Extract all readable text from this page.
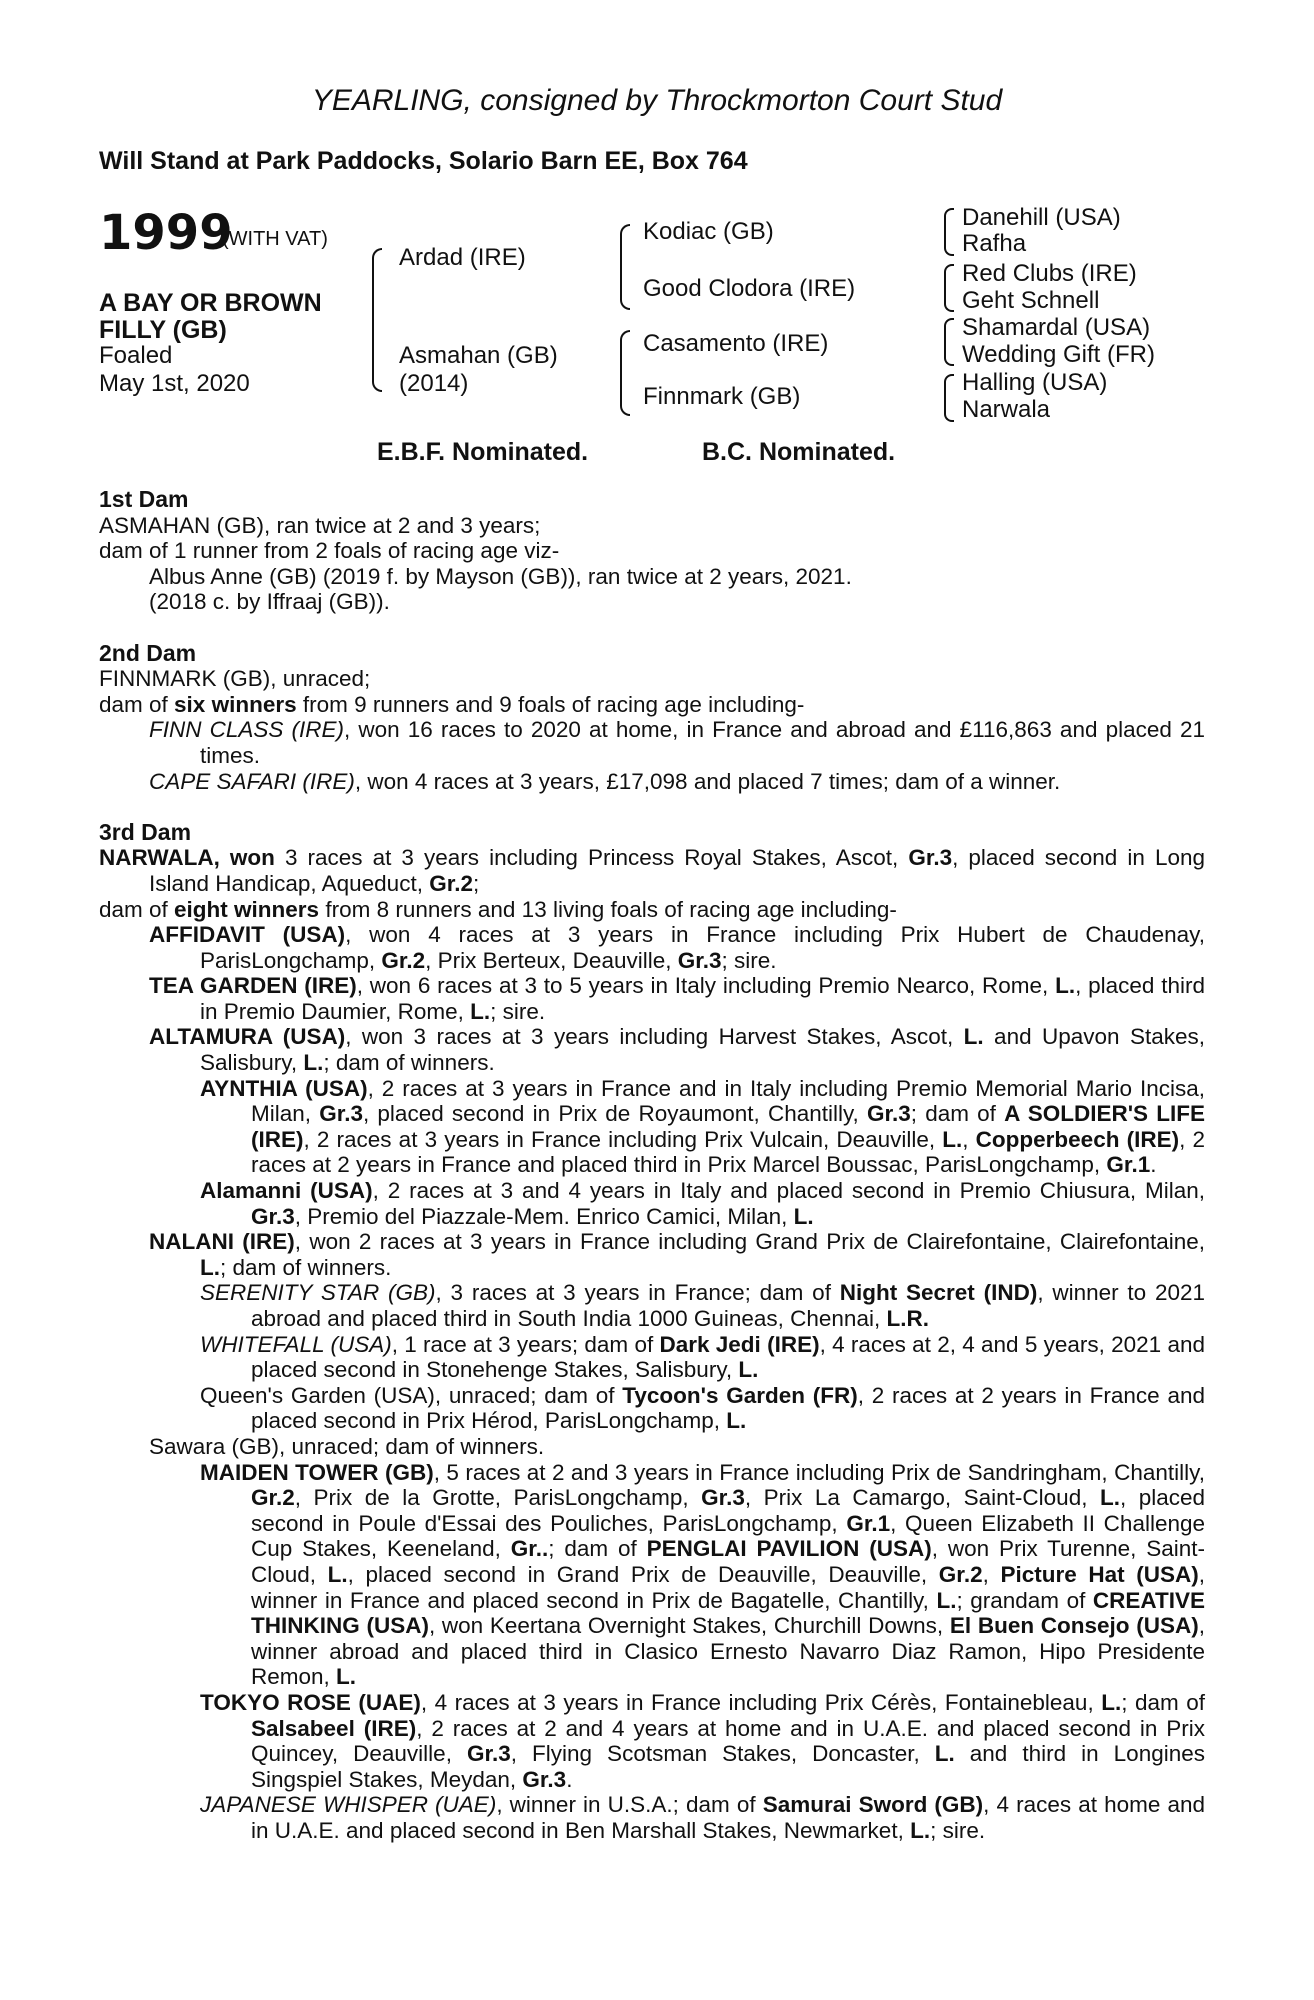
YEARLING, consigned by Throckmorton Court Stud
Will Stand at Park Paddocks, Solario Barn EE, Box 764
1999
(WITH VAT)
A BAY OR BROWN
FILLY (GB)
Foaled
May 1st, 2020
Ardad (IRE)
Asmahan (GB)
(2014)
Kodiac (GB)
Good Clodora (IRE)
Casamento (IRE)
Finnmark (GB)
Danehill (USA)
Rafha
Red Clubs (IRE)
Geht Schnell
Shamardal (USA)
Wedding Gift (FR)
Halling (USA)
Narwala
E.B.F. Nominated.	B.C. Nominated.
1st Dam

ASMAHAN (GB), ran twice at 2 and 3 years;

dam of 1 runner from 2 foals of racing age viz-

Albus Anne (GB) (2019 f. by Mayson (GB)), ran twice at 2 years, 2021.

(2018 c. by Iffraaj (GB)).

2nd Dam

FINNMARK (GB), unraced;

dam of six winners from 9 runners and 9 foals of racing age including-

FINN CLASS (IRE), won 16 races to 2020 at home, in France and abroad and £116,863 and placed 21 times.

CAPE SAFARI (IRE), won 4 races at 3 years, £17,098 and placed 7 times; dam of a winner.

3rd Dam

NARWALA, won 3 races at 3 years including Princess Royal Stakes, Ascot, Gr.3, placed second in Long Island Handicap, Aqueduct, Gr.2;

dam of eight winners from 8 runners and 13 living foals of racing age including-

AFFIDAVIT (USA), won 4 races at 3 years in France including Prix Hubert de Chaudenay, ParisLongchamp, Gr.2, Prix Berteux, Deauville, Gr.3; sire.

TEA GARDEN (IRE), won 6 races at 3 to 5 years in Italy including Premio Nearco, Rome, L., placed third in Premio Daumier, Rome, L.; sire.

ALTAMURA (USA), won 3 races at 3 years including Harvest Stakes, Ascot, L. and Upavon Stakes, Salisbury, L.; dam of winners.

AYNTHIA (USA), 2 races at 3 years in France and in Italy including Premio Memorial Mario Incisa, Milan, Gr.3, placed second in Prix de Royaumont, Chantilly, Gr.3; dam of A SOLDIER'S LIFE (IRE), 2 races at 3 years in France including Prix Vulcain, Deauville, L., Copperbeech (IRE), 2 races at 2 years in France and placed third in Prix Marcel Boussac, ParisLongchamp, Gr.1.

Alamanni (USA), 2 races at 3 and 4 years in Italy and placed second in Premio Chiusura, Milan, Gr.3, Premio del Piazzale-Mem. Enrico Camici, Milan, L.

NALANI (IRE), won 2 races at 3 years in France including Grand Prix de Clairefontaine, Clairefontaine, L.; dam of winners.

SERENITY STAR (GB), 3 races at 3 years in France; dam of Night Secret (IND), winner to 2021 abroad and placed third in South India 1000 Guineas, Chennai, L.R.

WHITEFALL (USA), 1 race at 3 years; dam of Dark Jedi (IRE), 4 races at 2, 4 and 5 years, 2021 and placed second in Stonehenge Stakes, Salisbury, L.

Queen's Garden (USA), unraced; dam of Tycoon's Garden (FR), 2 races at 2 years in France and placed second in Prix Hérod, ParisLongchamp, L.

Sawara (GB), unraced; dam of winners.

MAIDEN TOWER (GB), 5 races at 2 and 3 years in France including Prix de Sandringham, Chantilly, Gr.2, Prix de la Grotte, ParisLongchamp, Gr.3, Prix La Camargo, Saint-Cloud, L., placed second in Poule d'Essai des Pouliches, ParisLongchamp, Gr.1, Queen Elizabeth II Challenge Cup Stakes, Keeneland, Gr..; dam of PENGLAI PAVILION (USA), won Prix Turenne, Saint-Cloud, L., placed second in Grand Prix de Deauville, Deauville, Gr.2, Picture Hat (USA), winner in France and placed second in Prix de Bagatelle, Chantilly, L.; grandam of CREATIVE THINKING (USA), won Keertana Overnight Stakes, Churchill Downs, El Buen Consejo (USA), winner abroad and placed third in Clasico Ernesto Navarro Diaz Ramon, Hipo Presidente Remon, L.

TOKYO ROSE (UAE), 4 races at 3 years in France including Prix Cérès, Fontainebleau, L.; dam of Salsabeel (IRE), 2 races at 2 and 4 years at home and in U.A.E. and placed second in Prix Quincey, Deauville, Gr.3, Flying Scotsman Stakes, Doncaster, L. and third in Longines Singspiel Stakes, Meydan, Gr.3.

JAPANESE WHISPER (UAE), winner in U.S.A.; dam of Samurai Sword (GB), 4 races at home and in U.A.E. and placed second in Ben Marshall Stakes, Newmarket, L.; sire.
